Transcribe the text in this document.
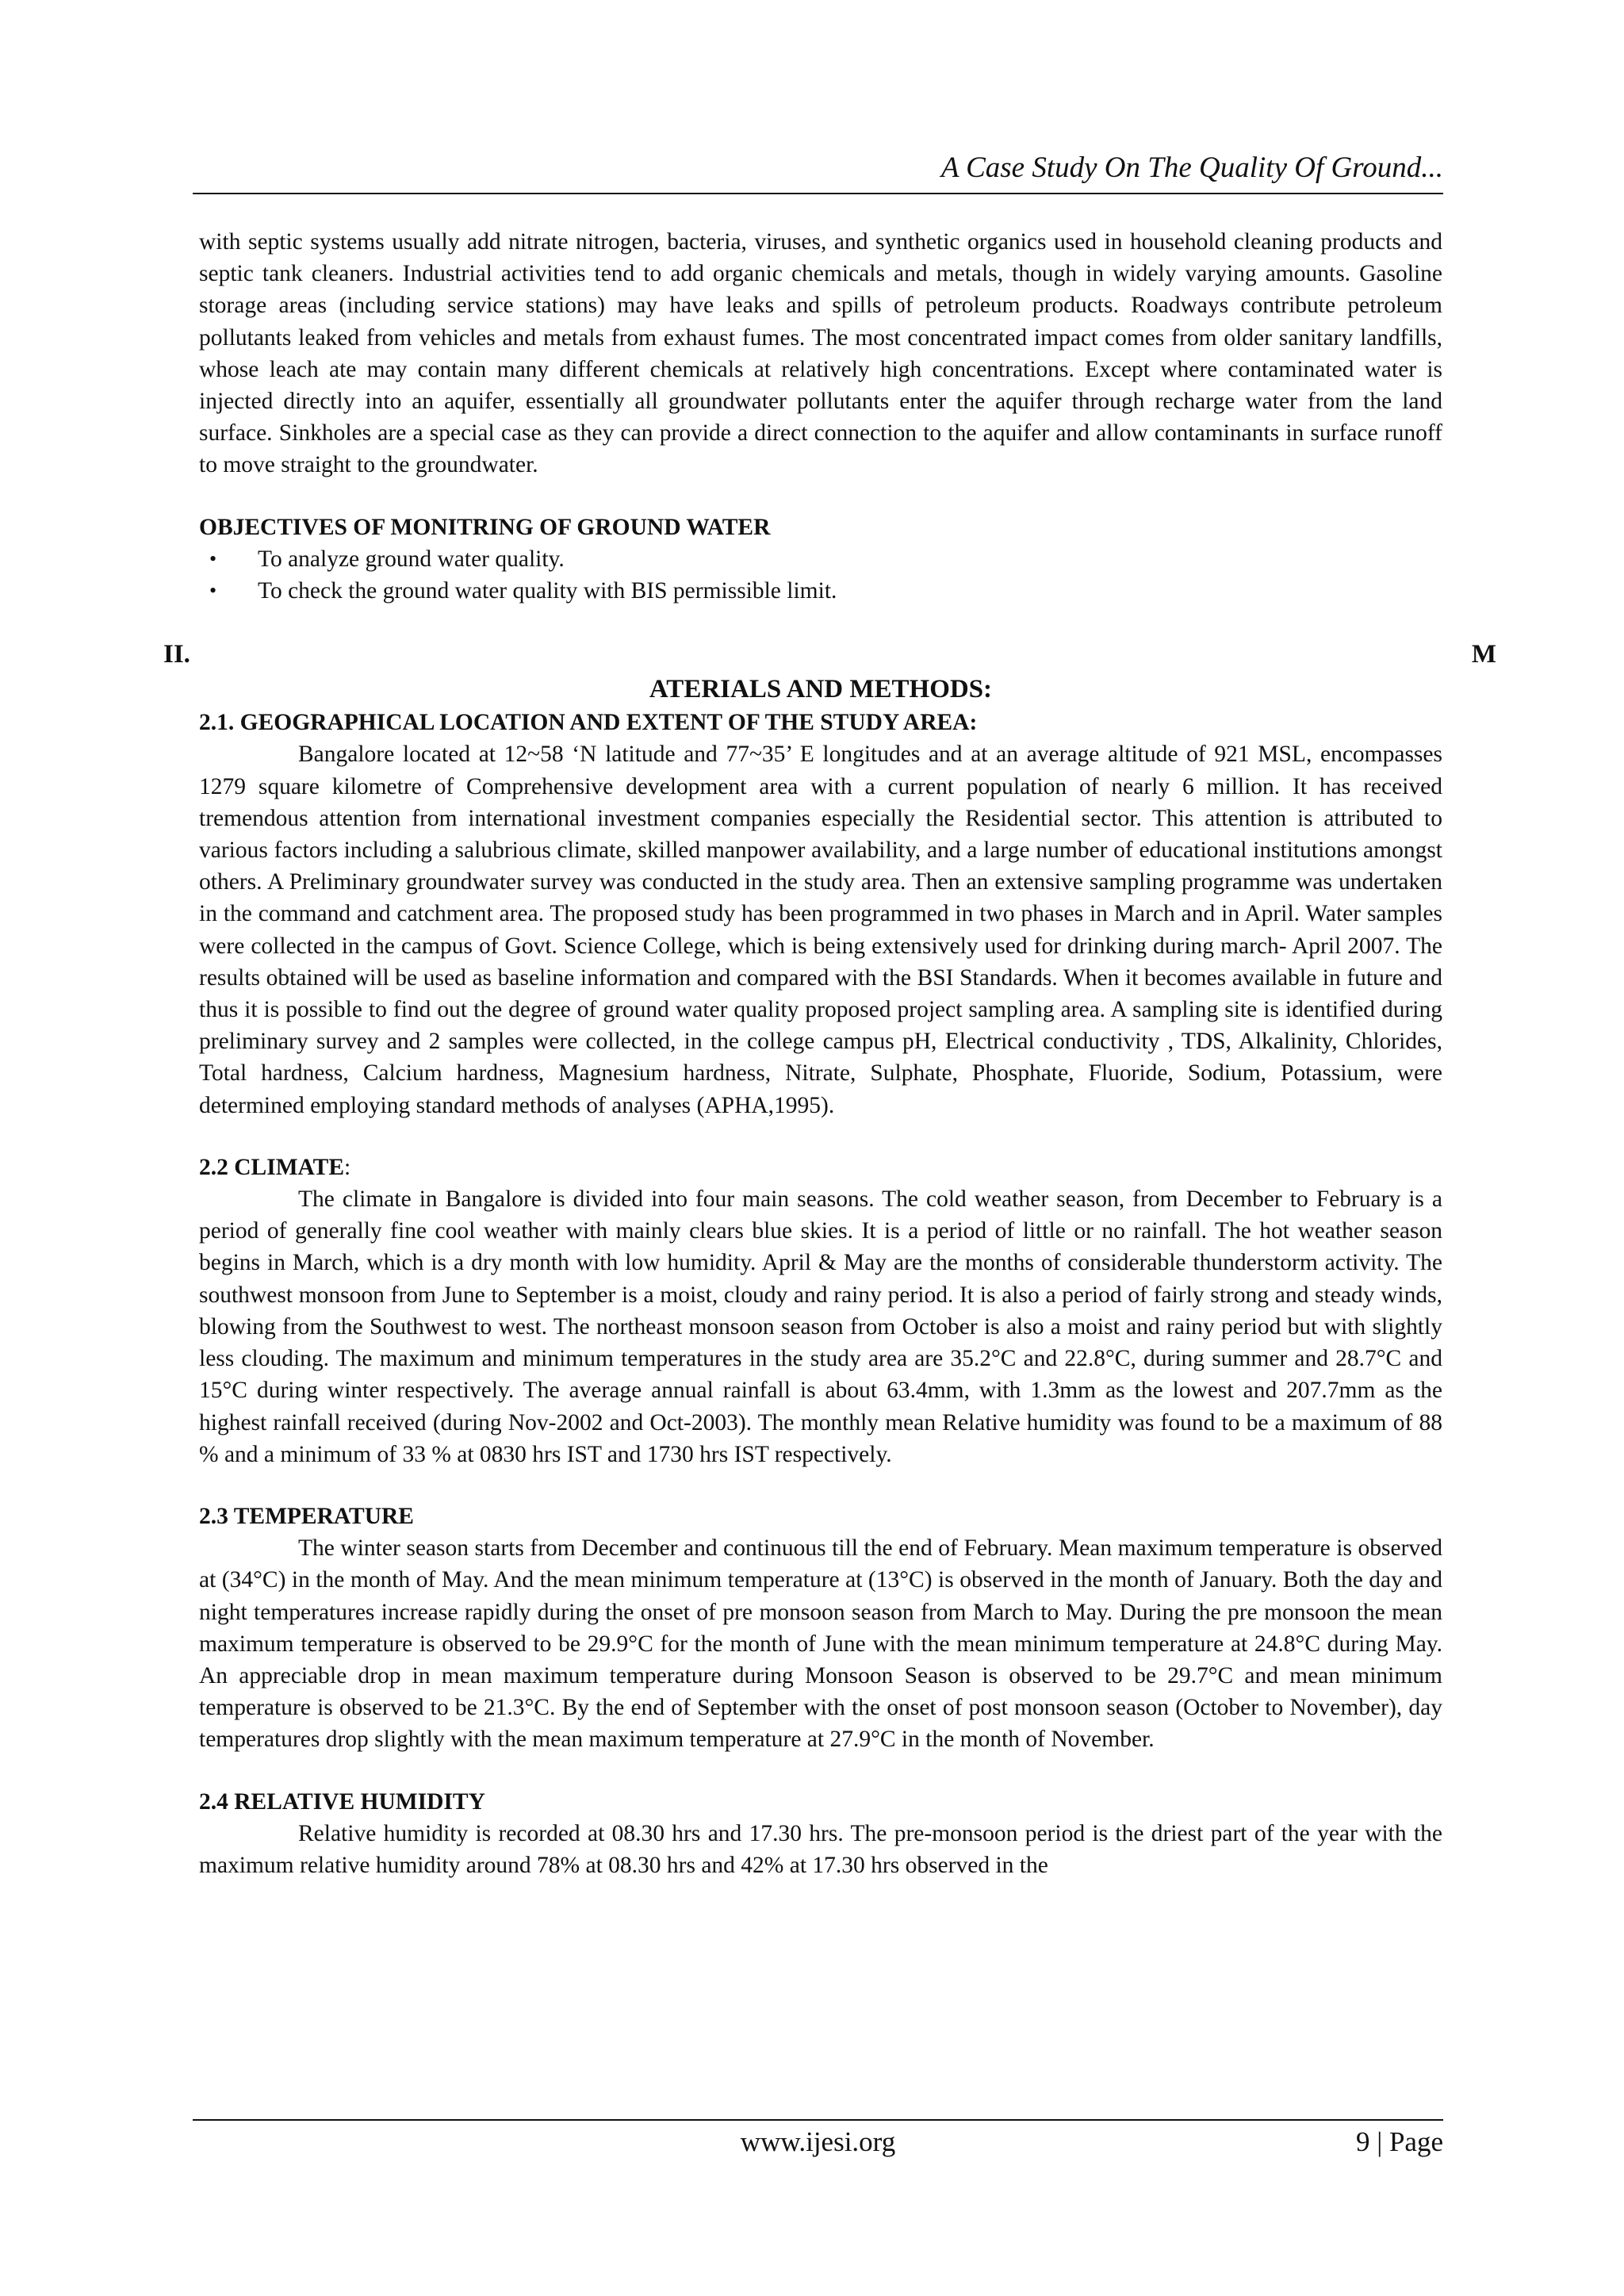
A Case Study On The Quality Of Ground...

with septic systems usually add nitrate nitrogen, bacteria, viruses, and synthetic organics used in household cleaning products and septic tank cleaners. Industrial activities tend to add organic chemicals and metals, though in widely varying amounts. Gasoline storage areas (including service stations) may have leaks and spills of petroleum products. Roadways contribute petroleum pollutants leaked from vehicles and metals from exhaust fumes. The most concentrated impact comes from older sanitary landfills, whose leach ate may contain many different chemicals at relatively high concentrations. Except where contaminated water is injected directly into an aquifer, essentially all groundwater pollutants enter the aquifer through recharge water from the land surface. Sinkholes are a special case as they can provide a direct connection to the aquifer and allow contaminants in surface runoff to move straight to the groundwater.

OBJECTIVES OF MONITRING OF GROUND WATER

• To analyze ground water quality.
• To check the ground water quality with BIS permissible limit.
II.	M
ATERIALS AND METHODS:

2.1. GEOGRAPHICAL LOCATION AND EXTENT OF THE STUDY AREA:

Bangalore located at 12~58 ‘N latitude and 77~35’ E longitudes and at an average altitude of 921 MSL, encompasses 1279 square kilometre of Comprehensive development area with a current population of nearly 6 million. It has received tremendous attention from international investment companies especially the Residential sector. This attention is attributed to various factors including a salubrious climate, skilled manpower availability, and a large number of educational institutions amongst others. A Preliminary groundwater survey was conducted in the study area. Then an extensive sampling programme was undertaken in the command and catchment area. The proposed study has been programmed in two phases in March and in April. Water samples were collected in the campus of Govt. Science College, which is being extensively used for drinking during march- April 2007. The results obtained will be used as baseline information and compared with the BSI Standards. When it becomes available in future and thus it is possible to find out the degree of ground water quality proposed project sampling area. A sampling site is identified during preliminary survey and 2 samples were collected, in the college campus pH, Electrical conductivity , TDS, Alkalinity, Chlorides, Total hardness, Calcium hardness, Magnesium hardness, Nitrate, Sulphate, Phosphate, Fluoride, Sodium, Potassium, were determined employing standard methods of analyses (APHA,1995).

2.2 CLIMATE:

The climate in Bangalore is divided into four main seasons. The cold weather season, from December to February is a period of generally fine cool weather with mainly clears blue skies. It is a period of little or no rainfall. The hot weather season begins in March, which is a dry month with low humidity. April & May are the months of considerable thunderstorm activity. The southwest monsoon from June to September is a moist, cloudy and rainy period. It is also a period of fairly strong and steady winds, blowing from the Southwest to west. The northeast monsoon season from October is also a moist and rainy period but with slightly less clouding. The maximum and minimum temperatures in the study area are 35.2°C and 22.8°C, during summer and 28.7°C and 15°C during winter respectively. The average annual rainfall is about 63.4mm, with 1.3mm as the lowest and 207.7mm as the highest rainfall received (during Nov-2002 and Oct-2003). The monthly mean Relative humidity was found to be a maximum of 88 % and a minimum of 33 % at 0830 hrs IST and 1730 hrs IST respectively.

2.3 TEMPERATURE

The winter season starts from December and continuous till the end of February. Mean maximum temperature is observed at (34°C) in the month of May. And the mean minimum temperature at (13°C) is observed in the month of January. Both the day and night temperatures increase rapidly during the onset of pre monsoon season from March to May. During the pre monsoon the mean maximum temperature is observed to be 29.9°C for the month of June with the mean minimum temperature at 24.8°C during May. An appreciable drop in mean maximum temperature during Monsoon Season is observed to be 29.7°C and mean minimum temperature is observed to be 21.3°C. By the end of September with the onset of post monsoon season (October to November), day temperatures drop slightly with the mean maximum temperature at 27.9°C in the month of November.

2.4 RELATIVE HUMIDITY

Relative humidity is recorded at 08.30 hrs and 17.30 hrs. The pre-monsoon period is the driest part of the year with the maximum relative humidity around 78% at 08.30 hrs and 42% at 17.30 hrs observed in the

www.ijesi.org	9 | Page
